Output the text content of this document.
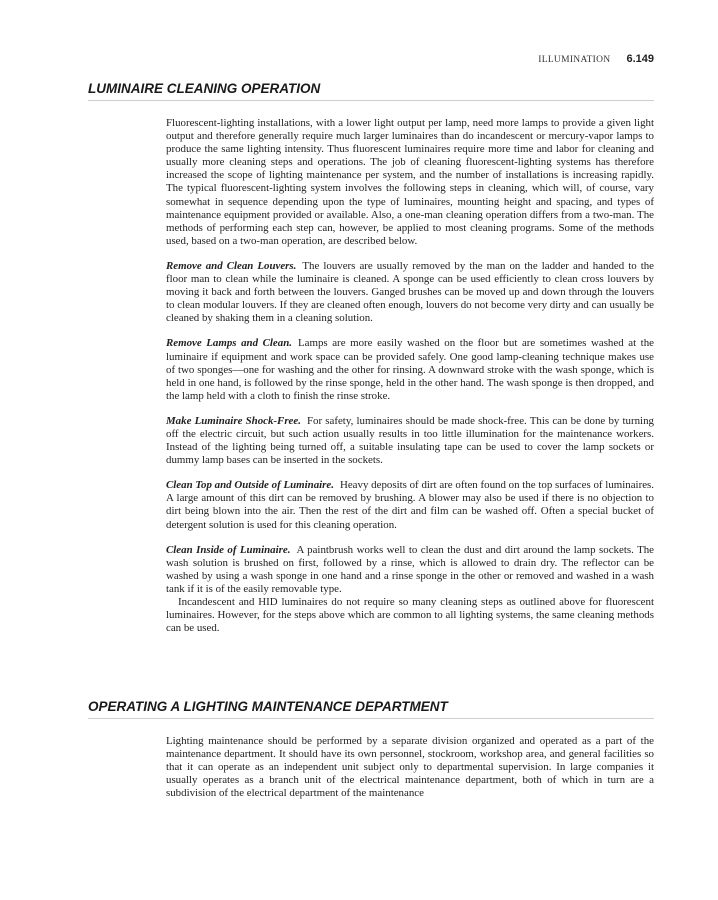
ILLUMINATION 6.149
LUMINAIRE CLEANING OPERATION

Fluorescent-lighting installations, with a lower light output per lamp, need more lamps to provide a given light output and therefore generally require much larger luminaires than do incandescent or mercury-vapor lamps to produce the same lighting intensity. Thus fluorescent luminaires require more time and labor for cleaning and usually more cleaning steps and operations. The job of cleaning fluorescent-lighting systems has therefore increased the scope of lighting maintenance per system, and the number of installations is increasing rapidly. The typical fluorescent-lighting system involves the following steps in cleaning, which will, of course, vary somewhat in sequence depending upon the type of luminaires, mounting height and spacing, and types of maintenance equipment provided or available. Also, a one-man cleaning operation differs from a two-man. The methods of performing each step can, however, be applied to most cleaning programs. Some of the methods used, based on a two-man operation, are described below.

Remove and Clean Louvers. The louvers are usually removed by the man on the ladder and handed to the floor man to clean while the luminaire is cleaned. A sponge can be used efficiently to clean cross louvers by moving it back and forth between the louvers. Ganged brushes can be moved up and down through the louvers to clean modular louvers. If they are cleaned often enough, louvers do not become very dirty and can usually be cleaned by shaking them in a cleaning solution.

Remove Lamps and Clean. Lamps are more easily washed on the floor but are sometimes washed at the luminaire if equipment and work space can be provided safely. One good lamp-cleaning technique makes use of two sponges—one for washing and the other for rinsing. A downward stroke with the wash sponge, which is held in one hand, is followed by the rinse sponge, held in the other hand. The wash sponge is then dropped, and the lamp held with a cloth to finish the rinse stroke.

Make Luminaire Shock-Free. For safety, luminaires should be made shock-free. This can be done by turning off the electric circuit, but such action usually results in too little illumination for the maintenance workers. Instead of the lighting being turned off, a suitable insulating tape can be used to cover the lamp sockets or dummy lamp bases can be inserted in the sockets.

Clean Top and Outside of Luminaire. Heavy deposits of dirt are often found on the top surfaces of luminaires. A large amount of this dirt can be removed by brushing. A blower may also be used if there is no objection to dirt being blown into the air. Then the rest of the dirt and film can be washed off. Often a special bucket of detergent solution is used for this cleaning operation.

Clean Inside of Luminaire. A paintbrush works well to clean the dust and dirt around the lamp sockets. The wash solution is brushed on first, followed by a rinse, which is allowed to drain dry. The reflector can be washed by using a wash sponge in one hand and a rinse sponge in the other or removed and washed in a wash tank if it is of the easily removable type.

Incandescent and HID luminaires do not require so many cleaning steps as outlined above for fluorescent luminaires. However, for the steps above which are common to all lighting systems, the same cleaning methods can be used.

OPERATING A LIGHTING MAINTENANCE DEPARTMENT

Lighting maintenance should be performed by a separate division organized and operated as a part of the maintenance department. It should have its own personnel, stockroom, workshop area, and general facilities so that it can operate as an independent unit subject only to departmental supervision. In large companies it usually operates as a branch unit of the electrical maintenance department, both of which in turn are a subdivision of the electrical department of the maintenance
